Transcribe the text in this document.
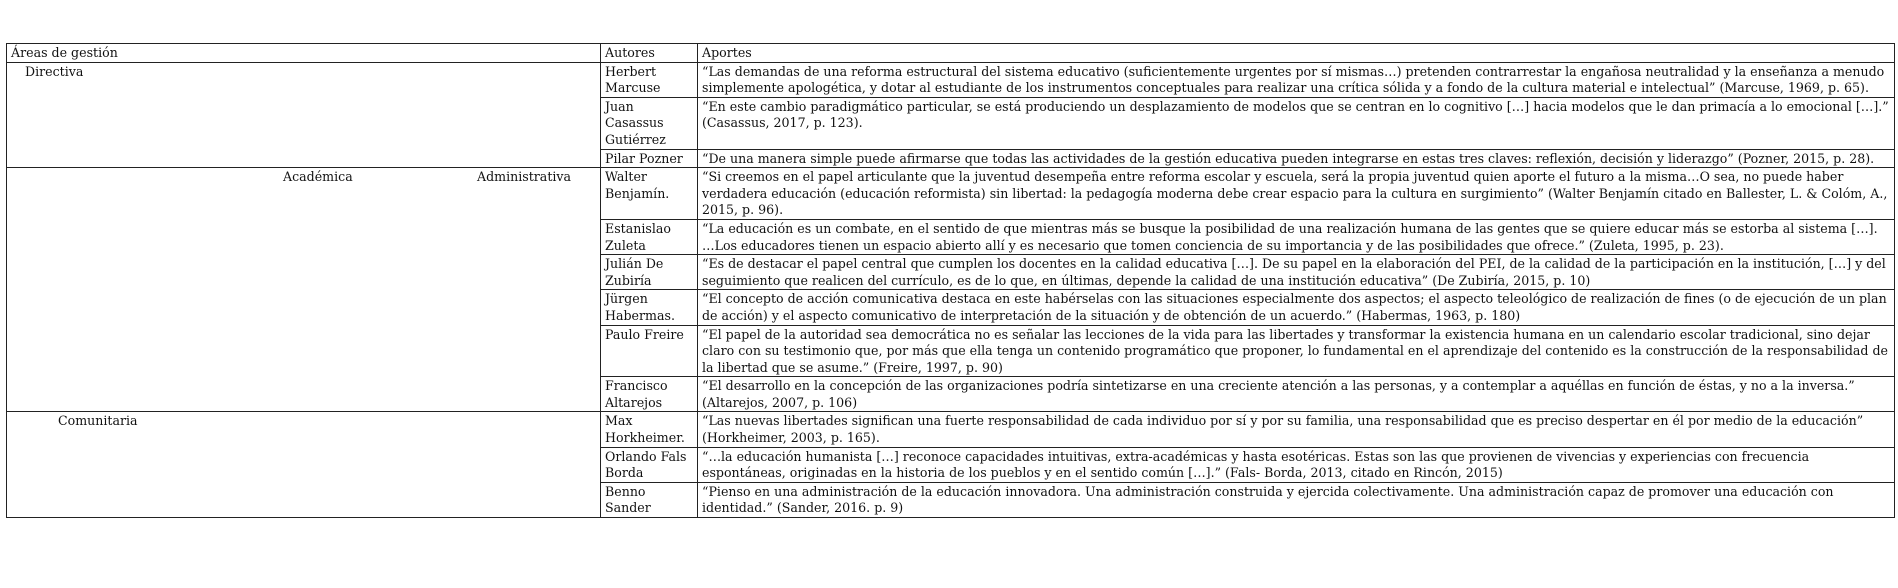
Áreas de gestión	Autores	Aportes
Directiva	Herbert Marcuse	“Las demandas de una reforma estructural del sistema educativo (suficientemente urgentes por sí mismas…) pretenden contrarrestar la engañosa neutralidad y la enseñanza a menudo simplemente apologética, y dotar al estudiante de los instrumentos conceptuales para realizar una crítica sólida y a fondo de la cultura material e intelectual” (Marcuse, 1969, p. 65).
	Juan Casassus Gutiérrez	“En este cambio paradigmático particular, se está produciendo un desplazamiento de modelos que se centran en lo cognitivo […] hacia modelos que le dan primacía a lo emocional […].” (Casassus, 2017, p. 123).
	Pilar Pozner	“De una manera simple puede afirmarse que todas las actividades de la gestión educativa pueden integrarse en estas tres claves: reflexión, decisión y liderazgo” (Pozner, 2015, p. 28).

Académica Administrativa	Walter Benjamín.	“Si creemos en el papel articulante que la juventud desempeña entre reforma escolar y escuela, será la propia juventud quien aporte el futuro a la misma…O sea, no puede haber verdadera educación (educación reformista) sin libertad: la pedagogía moderna debe crear espacio para la cultura en surgimiento” (Walter Benjamín citado en Ballester, L. & Colóm, A., 2015, p. 96).
	Estanislao Zuleta	“La educación es un combate, en el sentido de que mientras más se busque la posibilidad de una realización humana de las gentes que se quiere educar más se estorba al sistema […]. …Los educadores tienen un espacio abierto allí y es necesario que tomen conciencia de su importancia y de las posibilidades que ofrece.” (Zuleta, 1995, p. 23).
	Julián De Zubiría	“Es de destacar el papel central que cumplen los docentes en la calidad educativa […]. De su papel en la elaboración del PEI, de la calidad de la participación en la institución, […] y del seguimiento que realicen del currículo, es de lo que, en últimas, depende la calidad de una institución educativa” (De Zubiría, 2015, p. 10)
	Jürgen Habermas.	“El concepto de acción comunicativa destaca en este habérselas con las situaciones especialmente dos aspectos; el aspecto teleológico de realización de fines (o de ejecución de un plan de acción) y el aspecto comunicativo de interpretación de la situación y de obtención de un acuerdo.” (Habermas, 1963, p. 180)
	Paulo Freire	“El papel de la autoridad sea democrática no es señalar las lecciones de la vida para las libertades y transformar la existencia humana en un calendario escolar tradicional, sino dejar claro con su testimonio que, por más que ella tenga un contenido programático que proponer, lo fundamental en el aprendizaje del contenido es la construcción de la responsabilidad de la libertad que se asume.” (Freire, 1997, p. 90)
	Francisco Altarejos	“El desarrollo en la concepción de las organizaciones podría sintetizarse en una creciente atención a las personas, y a contemplar a aquéllas en función de éstas, y no a la inversa.” (Altarejos, 2007, p. 106)
Comunitaria	Max Horkheimer.	“Las nuevas libertades significan una fuerte responsabilidad de cada individuo por sí y por su familia, una responsabilidad que es preciso despertar en él por medio de la educación” (Horkheimer, 2003, p. 165).
	Orlando Fals Borda	“…la educación humanista […] reconoce capacidades intuitivas, extra-académicas y hasta esotéricas. Estas son las que provienen de vivencias y experiencias con frecuencia espontáneas, originadas en la historia de los pueblos y en el sentido común […].” (Fals- Borda, 2013, citado en Rincón, 2015)
	Benno Sander	“Pienso en una administración de la educación innovadora. Una administración construida y ejercida colectivamente. Una administración capaz de promover una educación con identidad.” (Sander, 2016. p. 9)
